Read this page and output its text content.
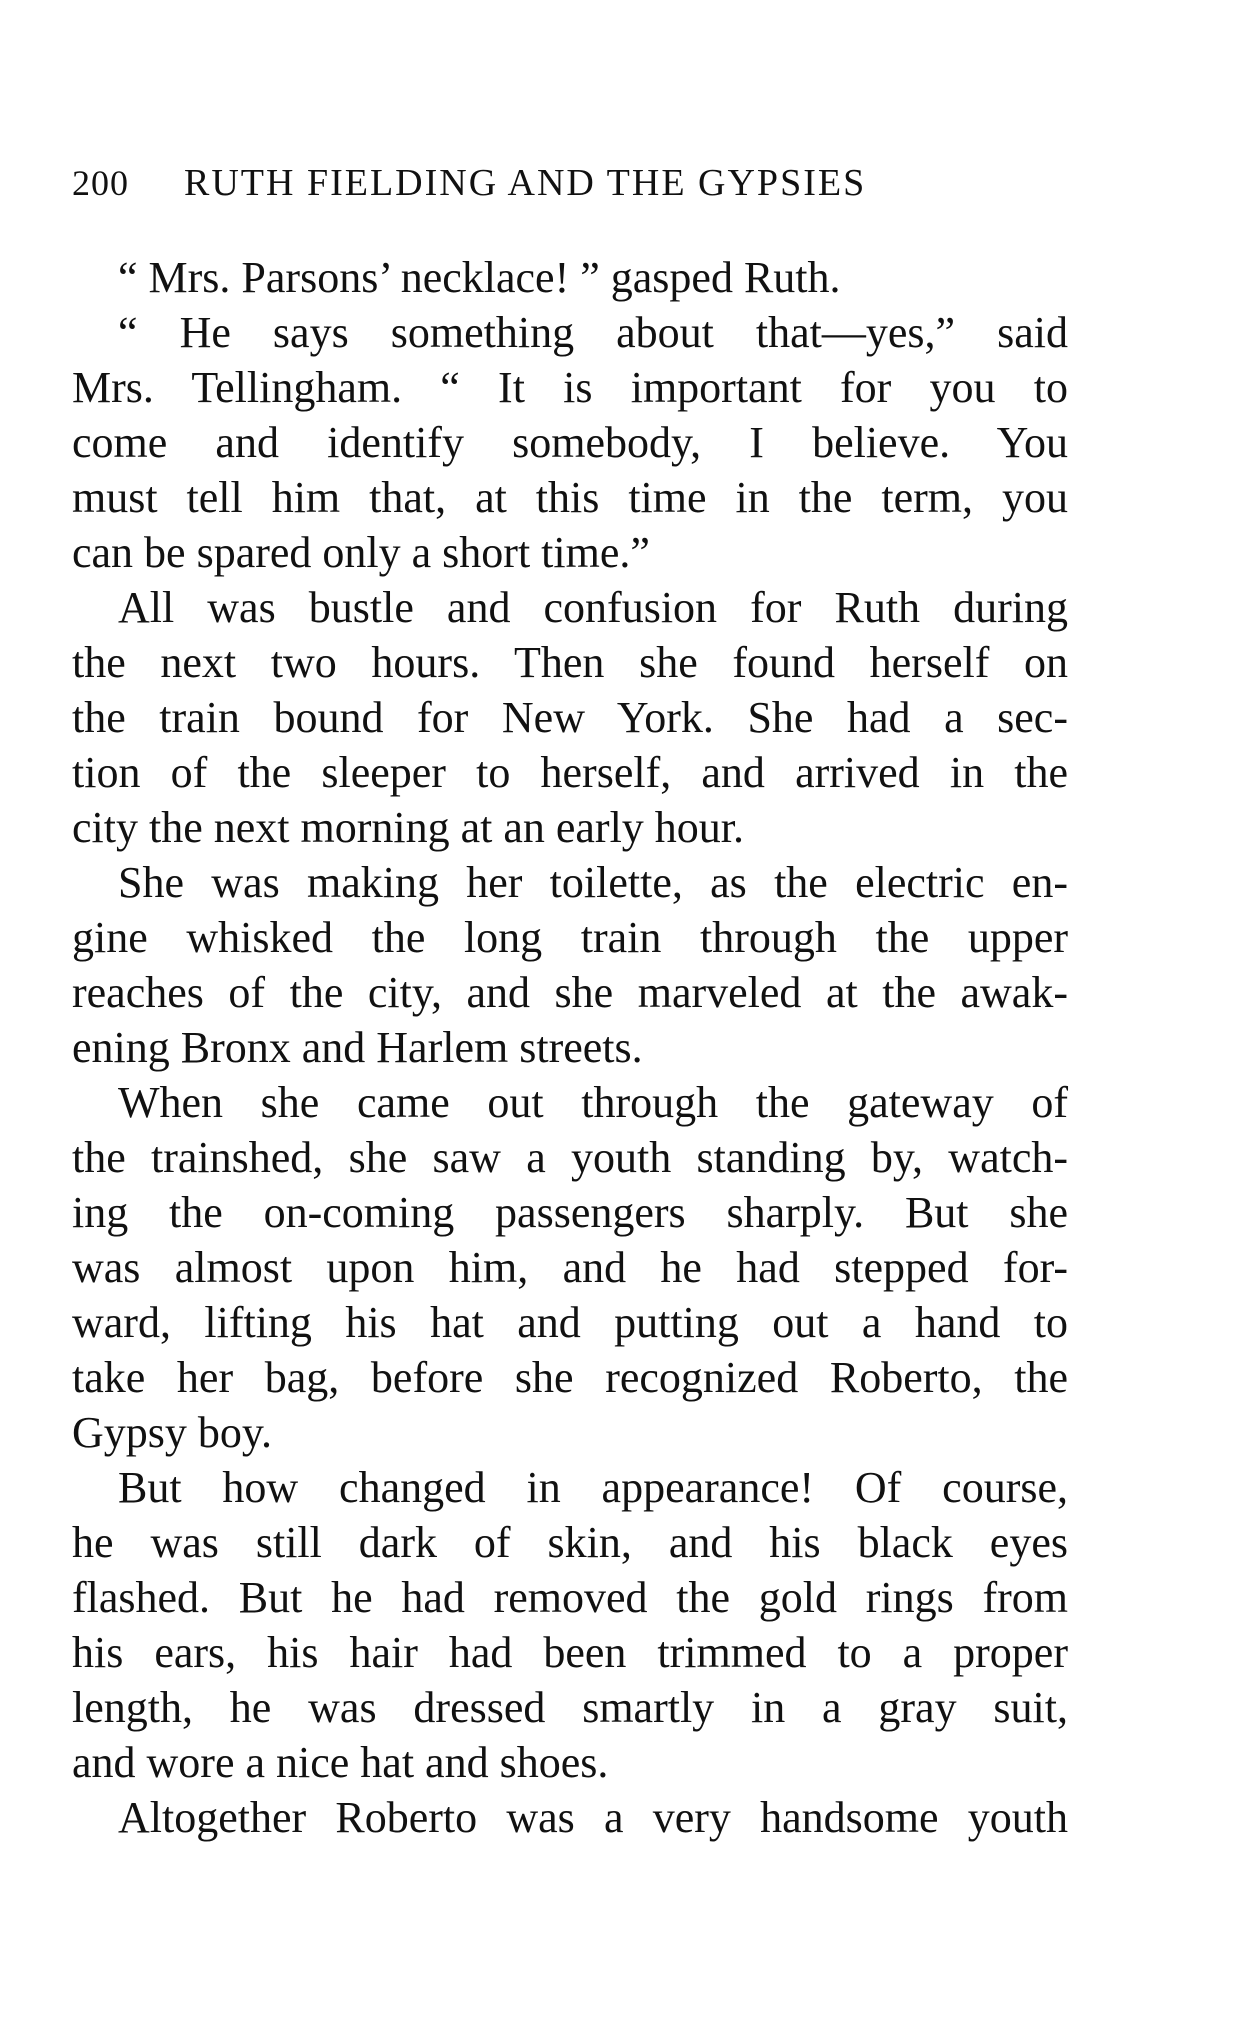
200 RUTH FIELDING AND THE GYPSIES
“ Mrs. Parsons’ necklace! ” gasped Ruth.
“ He says something about that—yes,” said
Mrs. Tellingham. “ It is important for you to
come and identify somebody, I believe. You
must tell him that, at this time in the term, you
can be spared only a short time.”
All was bustle and confusion for Ruth during
the next two hours. Then she found herself on
the train bound for New York. She had a sec-
tion of the sleeper to herself, and arrived in the
city the next morning at an early hour.
She was making her toilette, as the electric en-
gine whisked the long train through the upper
reaches of the city, and she marveled at the awak-
ening Bronx and Harlem streets.
When she came out through the gateway of
the trainshed, she saw a youth standing by, watch-
ing the on-coming passengers sharply. But she
was almost upon him, and he had stepped for-
ward, lifting his hat and putting out a hand to
take her bag, before she recognized Roberto, the
Gypsy boy.
But how changed in appearance! Of course,
he was still dark of skin, and his black eyes
flashed. But he had removed the gold rings from
his ears, his hair had been trimmed to a proper
length, he was dressed smartly in a gray suit,
and wore a nice hat and shoes.
Altogether Roberto was a very handsome youth
